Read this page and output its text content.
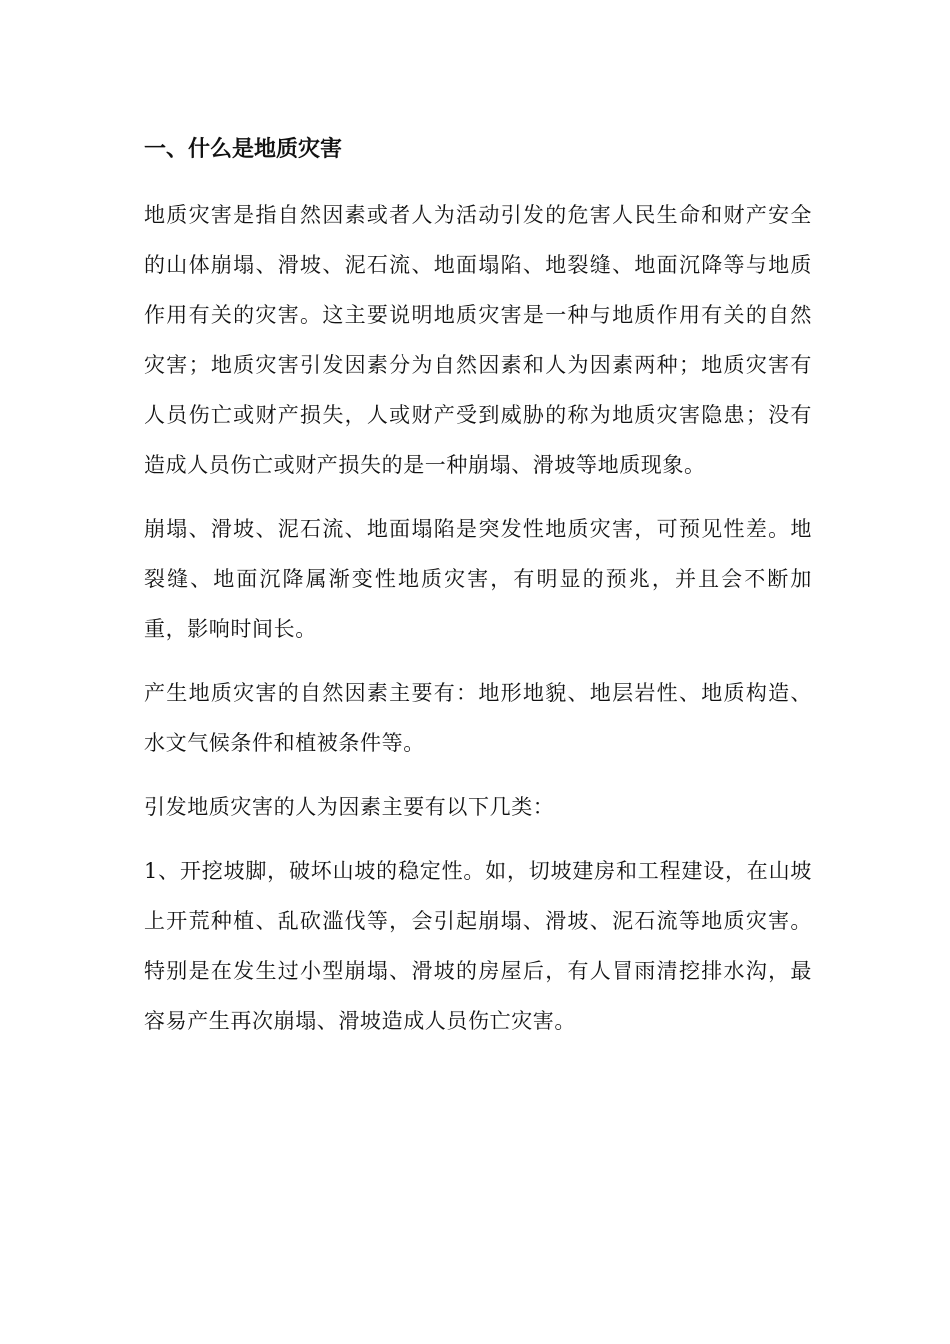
一、什么是地质灾害

地质灾害是指自然因素或者人为活动引发的危害人民生命和财产安全的山体崩塌、滑坡、泥石流、地面塌陷、地裂缝、地面沉降等与地质作用有关的灾害。这主要说明地质灾害是一种与地质作用有关的自然灾害；地质灾害引发因素分为自然因素和人为因素两种；地质灾害有人员伤亡或财产损失，人或财产受到威胁的称为地质灾害隐患；没有造成人员伤亡或财产损失的是一种崩塌、滑坡等地质现象。

崩塌、滑坡、泥石流、地面塌陷是突发性地质灾害，可预见性差。地裂缝、地面沉降属渐变性地质灾害，有明显的预兆，并且会不断加重，影响时间长。

产生地质灾害的自然因素主要有：地形地貌、地层岩性、地质构造、水文气候条件和植被条件等。

引发地质灾害的人为因素主要有以下几类：

1、开挖坡脚，破坏山坡的稳定性。如，切坡建房和工程建设，在山坡上开荒种植、乱砍滥伐等，会引起崩塌、滑坡、泥石流等地质灾害。特别是在发生过小型崩塌、滑坡的房屋后，有人冒雨清挖排水沟，最容易产生再次崩塌、滑坡造成人员伤亡灾害。
